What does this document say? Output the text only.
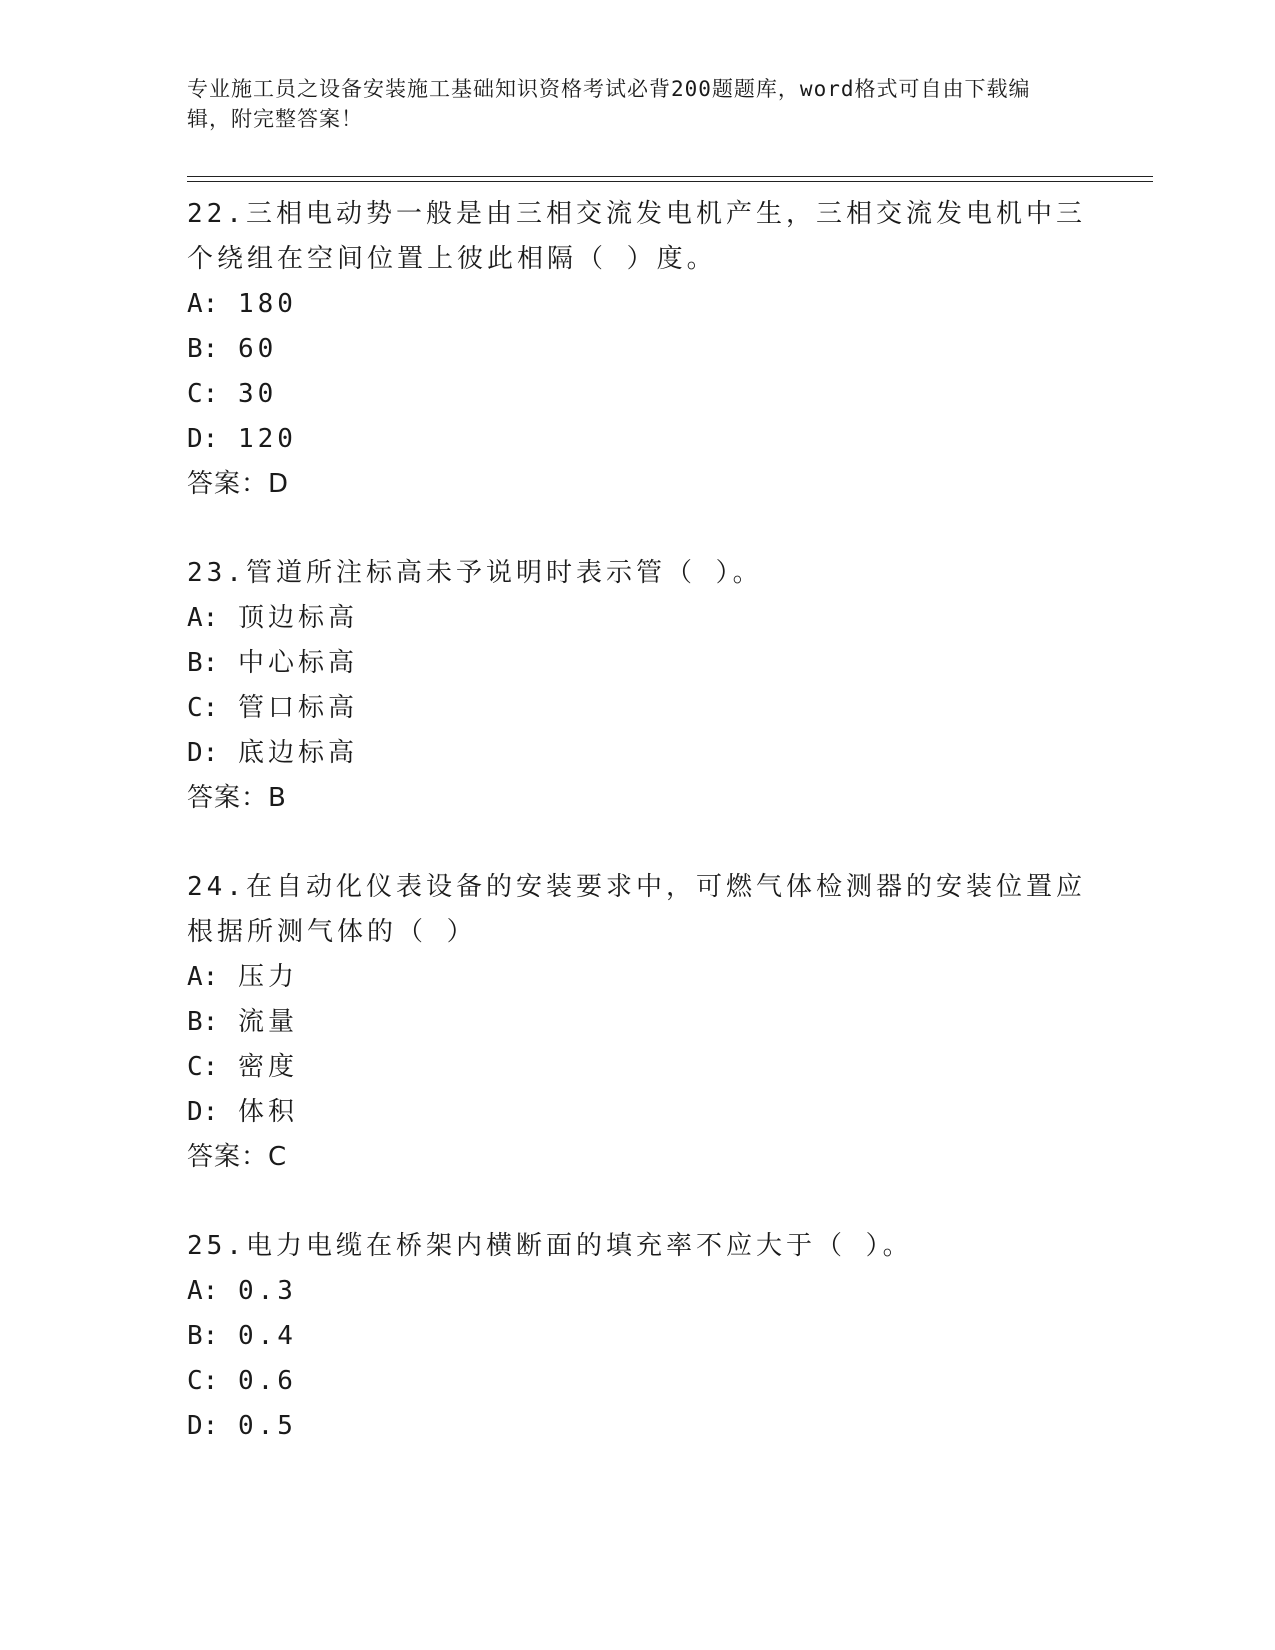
专业施工员之设备安装施工基础知识资格考试必背200题题库，word格式可自由下载编辑，附完整答案！

22.三相电动势一般是由三相交流发电机产生，三相交流发电机中三个绕组在空间位置上彼此相隔（ ）度。

A: 180

B: 60

C: 30

D: 120

答案：D

23.管道所注标高未予说明时表示管（ ）。

A: 顶边标高

B: 中心标高

C: 管口标高

D: 底边标高

答案：B

24.在自动化仪表设备的安装要求中，可燃气体检测器的安装位置应根据所测气体的（ ）

A: 压力

B: 流量

C: 密度

D: 体积

答案：C

25.电力电缆在桥架内横断面的填充率不应大于（ ）。

A: 0.3

B: 0.4

C: 0.6

D: 0.5
